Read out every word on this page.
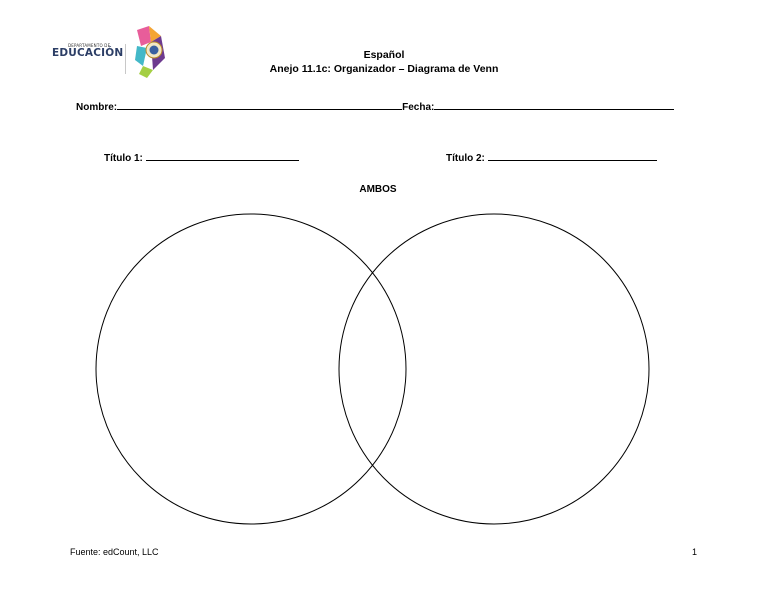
DEPARTAMENTO DE
EDUCACIÓN	Español
Anejo 11.1c: Organizador – Diagrama de Venn
Nombre:	Fecha:
Título 1:	Título 2:
AMBOS
Fuente: edCount, LLC	1
